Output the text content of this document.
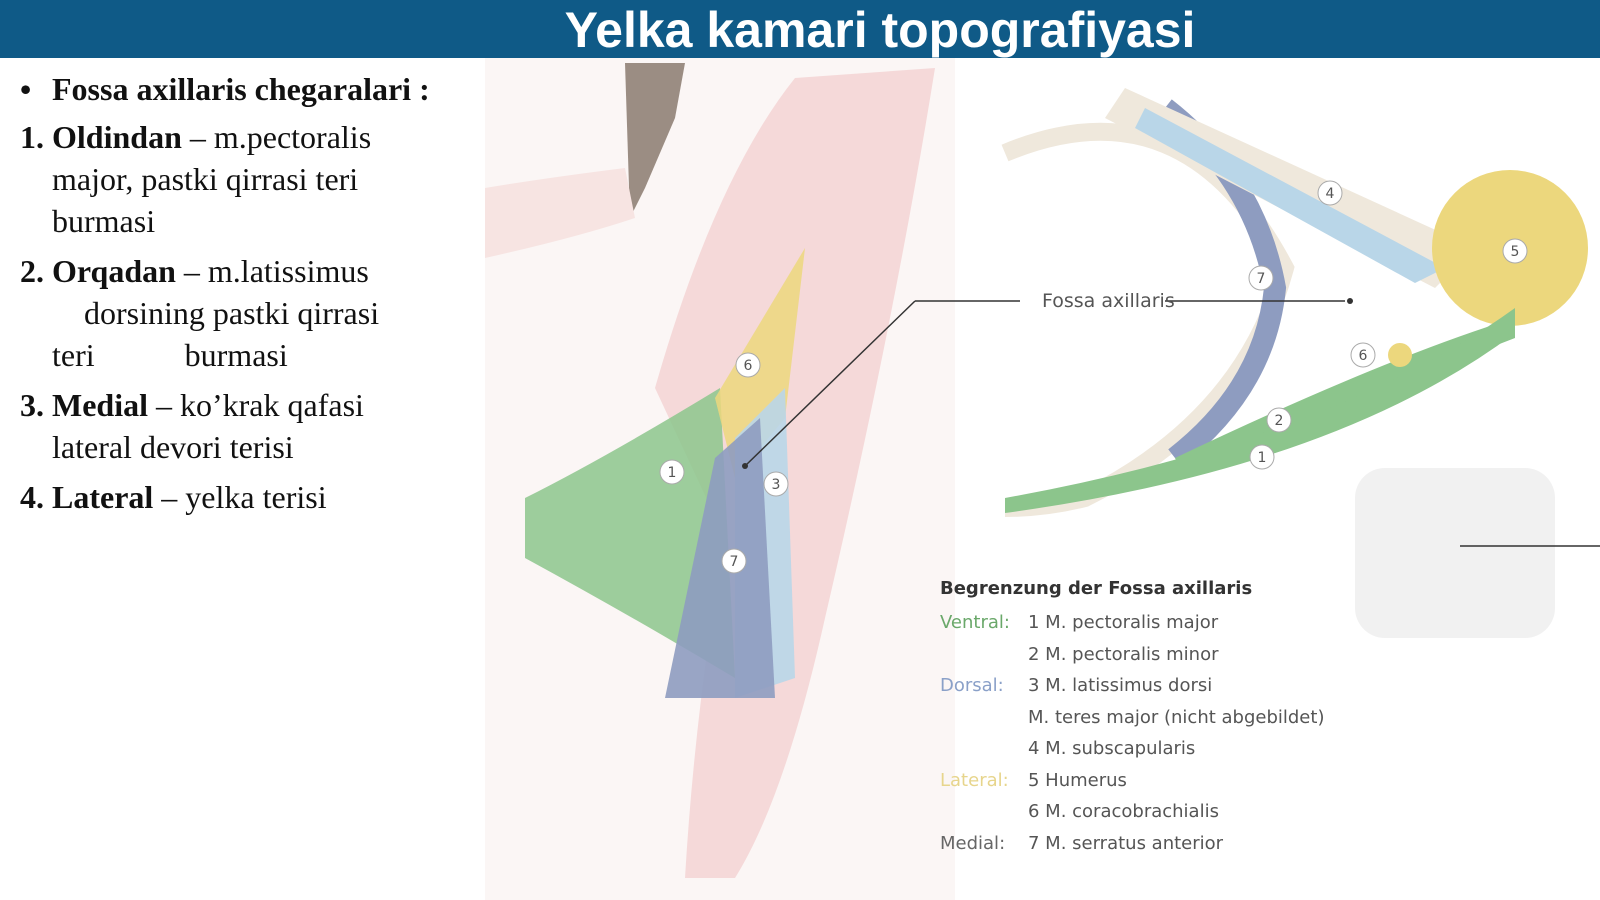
Yelka kamari topografiyasi
• Fossa axillaris chegaralari :
1. Oldindan – m.pectoralis
major, pastki qirrasi teri
burmasi
2. Orqadan – m.latissimus
dorsining pastki qirrasi
teri	burmasi
3. Medial – ko’krak qafasi
lateral devori terisi
4. Lateral – yelka terisi
6
1
3
7
4
5
7
6
2
1
Fossa axillaris
Begrenzung der Fossa axillaris
Ventral:	1 M. pectoralis major
2 M. pectoralis minor
Dorsal:	3 M. latissimus dorsi
M. teres major (nicht abgebildet)
4 M. subscapularis
Lateral:	5 Humerus
6 M. coracobrachialis
Medial:	7 M. serratus anterior
